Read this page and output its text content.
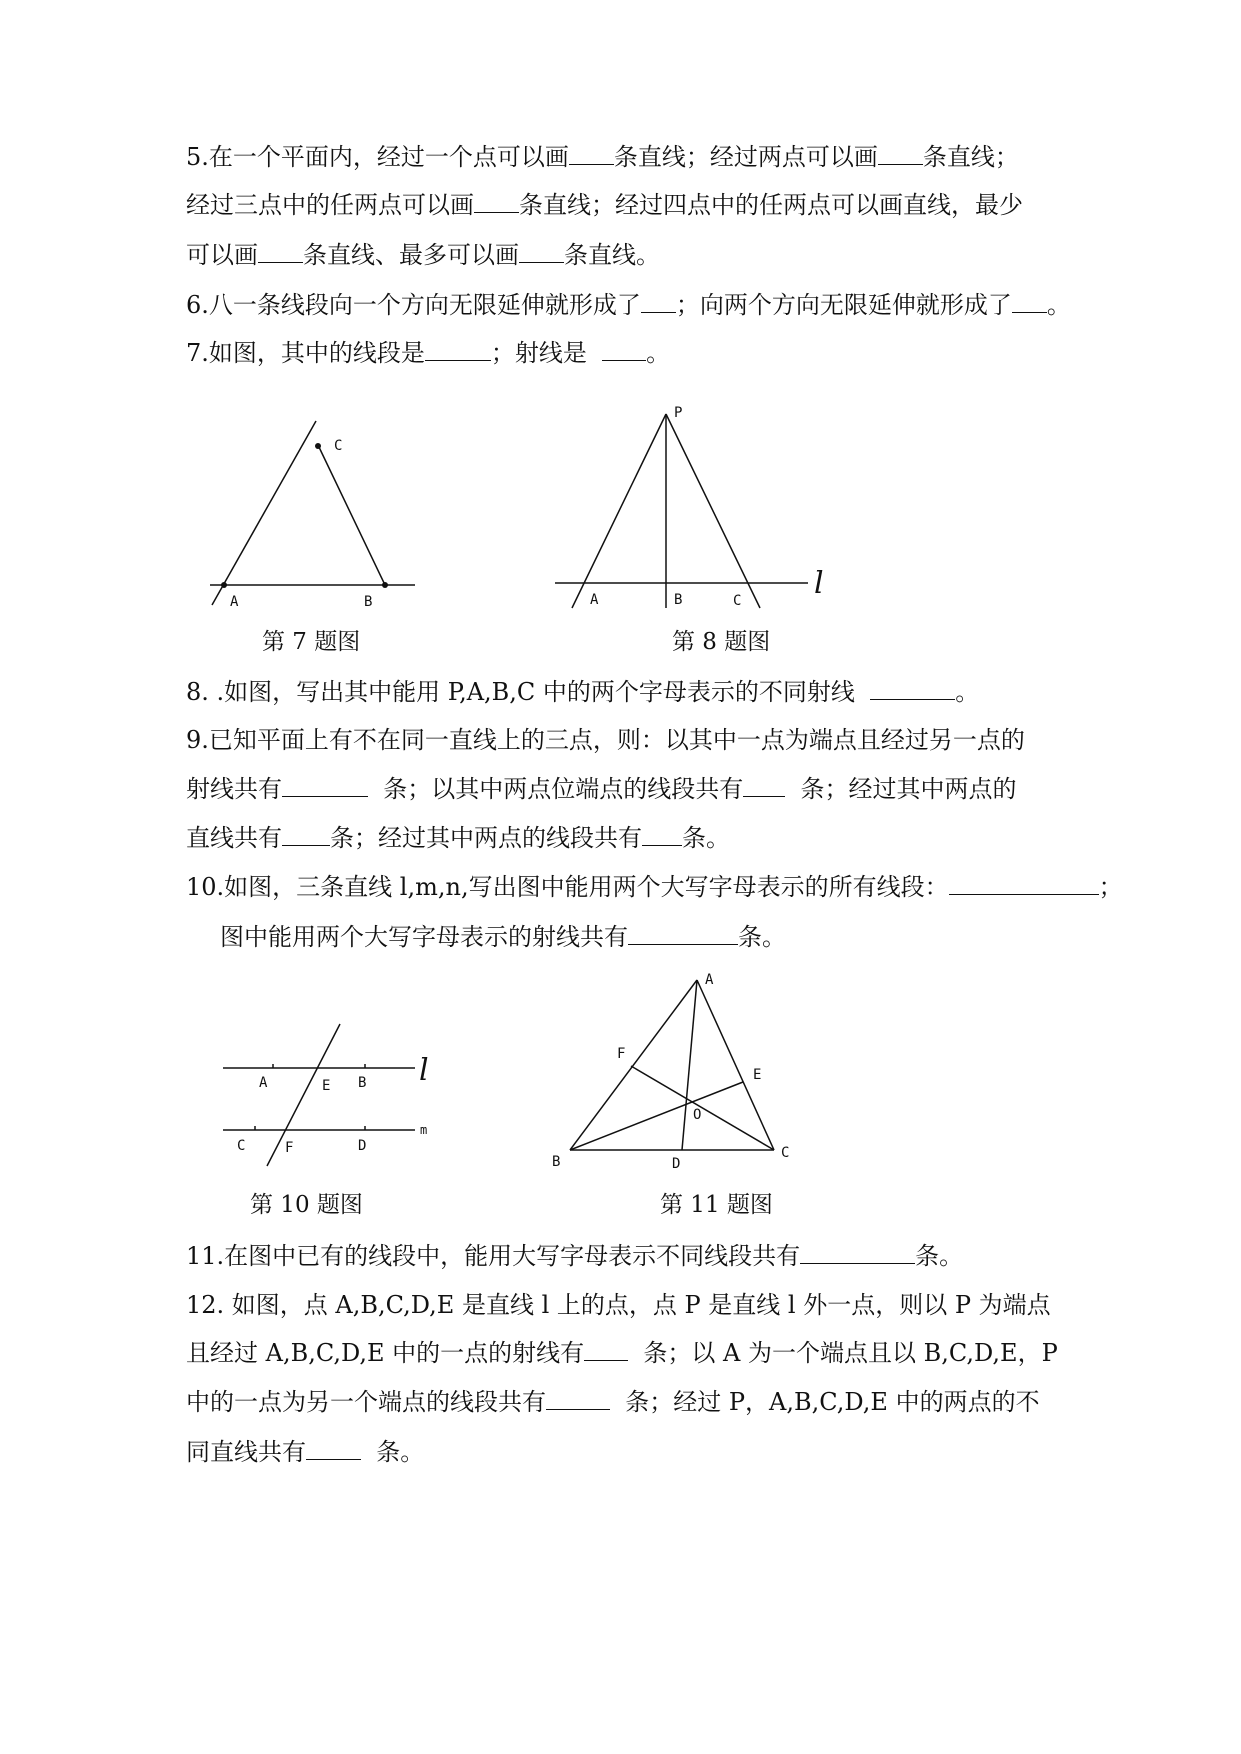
5.在一个平面内，经过一个点可以画 条直线；经过两点可以画 条直线；
经过三点中的任两点可以画 条直线；经过四点中的任两点可以画直线，最少
可以画 条直线、最多可以画 条直线。
6.八一条线段向一个方向无限延伸就形成了 ；向两个方向无限延伸就形成了 。
7.如图，其中的线段是	；射线是 。
C
A	B
P
A	B	C l
第 7 题图	第 8 题图
8. .如图，写出其中能用 P,A,B,C 中的两个字母表示的不同射线	。
9.已知平面上有不在同一直线上的三点，则：以其中一点为端点且经过另一点的
射线共有	条；以其中两点位端点的线段共有 条；经过其中两点的
直线共有 条；经过其中两点的线段共有 条。
10.如图，三条直线 l,m,n,写出图中能用两个大写字母表示的所有线段：	；
图中能用两个大写字母表示的射线共有	条。
A	E B l
C	F	D
m
A
F
E
O
B	D
C
第 10 题图	第 11 题图
11.在图中已有的线段中，能用大写字母表示不同线段共有	条。
12. 如图，点 A,B,C,D,E 是直线 l 上的点，点 P 是直线 l 外一点，则以 P 为端点
且经过 A,B,C,D,E 中的一点的射线有 条；以 A 为一个端点且以 B,C,D,E，P
中的一点为另一个端点的线段共有	条；经过 P，A,B,C,D,E 中的两点的不
同直线共有	条。
